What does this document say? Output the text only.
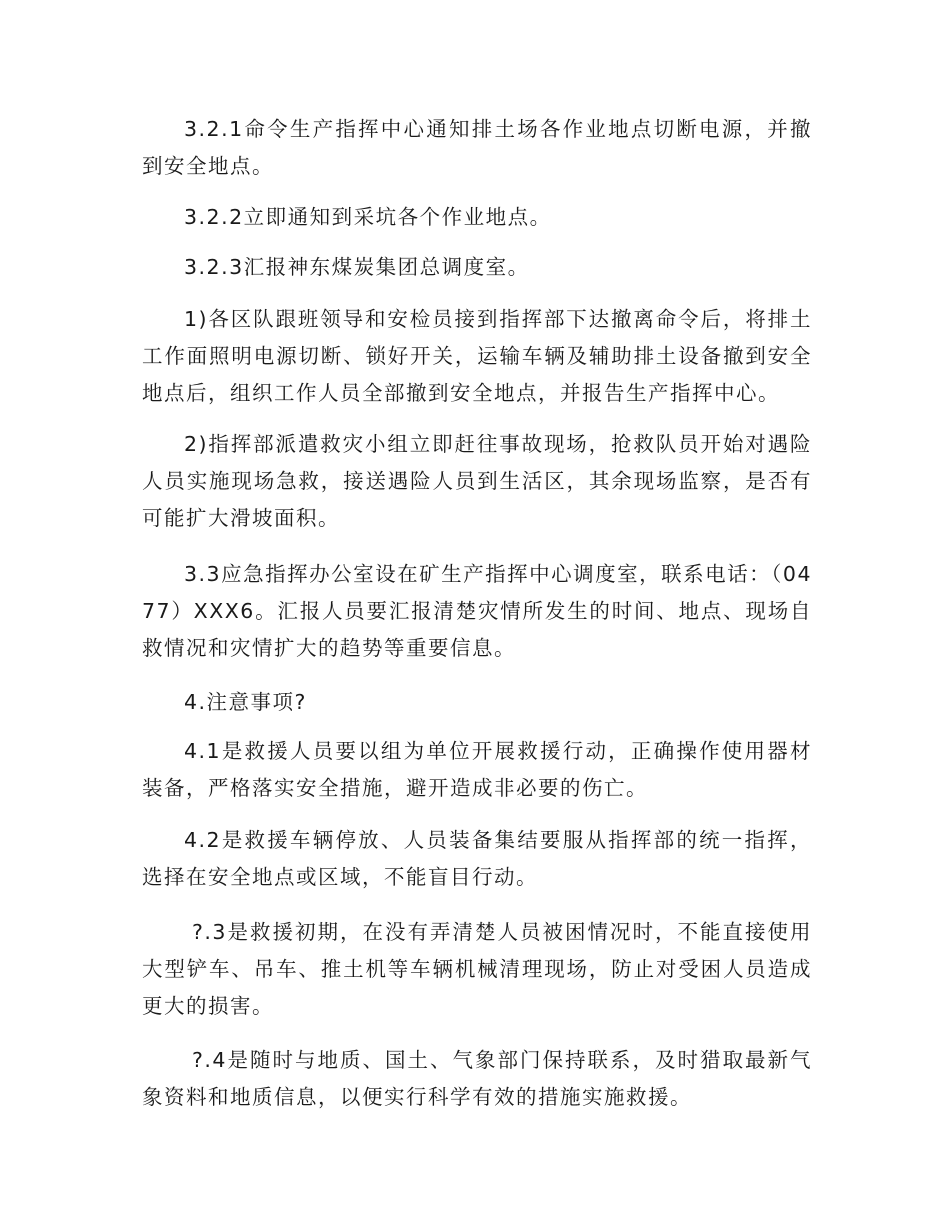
3.2.1命令生产指挥中心通知排土场各作业地点切断电源，并撤到安全地点。

3.2.2立即通知到采坑各个作业地点。

3.2.3汇报神东煤炭集团总调度室。

1)各区队跟班领导和安检员接到指挥部下达撤离命令后，将排土工作面照明电源切断、锁好开关，运输车辆及辅助排土设备撤到安全地点后，组织工作人员全部撤到安全地点，并报告生产指挥中心。

2)指挥部派遣救灾小组立即赶往事故现场，抢救队员开始对遇险人员实施现场急救，接送遇险人员到生活区，其余现场监察，是否有可能扩大滑坡面积。

3.3应急指挥办公室设在矿生产指挥中心调度室，联系电话：（0477）XXX6。汇报人员要汇报清楚灾情所发生的时间、地点、现场自救情况和灾情扩大的趋势等重要信息。

4.注意事项?

4.1是救援人员要以组为单位开展救援行动，正确操作使用器材装备，严格落实安全措施，避开造成非必要的伤亡。

4.2是救援车辆停放、人员装备集结要服从指挥部的统一指挥，选择在安全地点或区域，不能盲目行动。

?.3是救援初期，在没有弄清楚人员被困情况时，不能直接使用大型铲车、吊车、推土机等车辆机械清理现场，防止对受困人员造成更大的损害。

?.4是随时与地质、国土、气象部门保持联系，及时猎取最新气象资料和地质信息，以便实行科学有效的措施实施救援。
